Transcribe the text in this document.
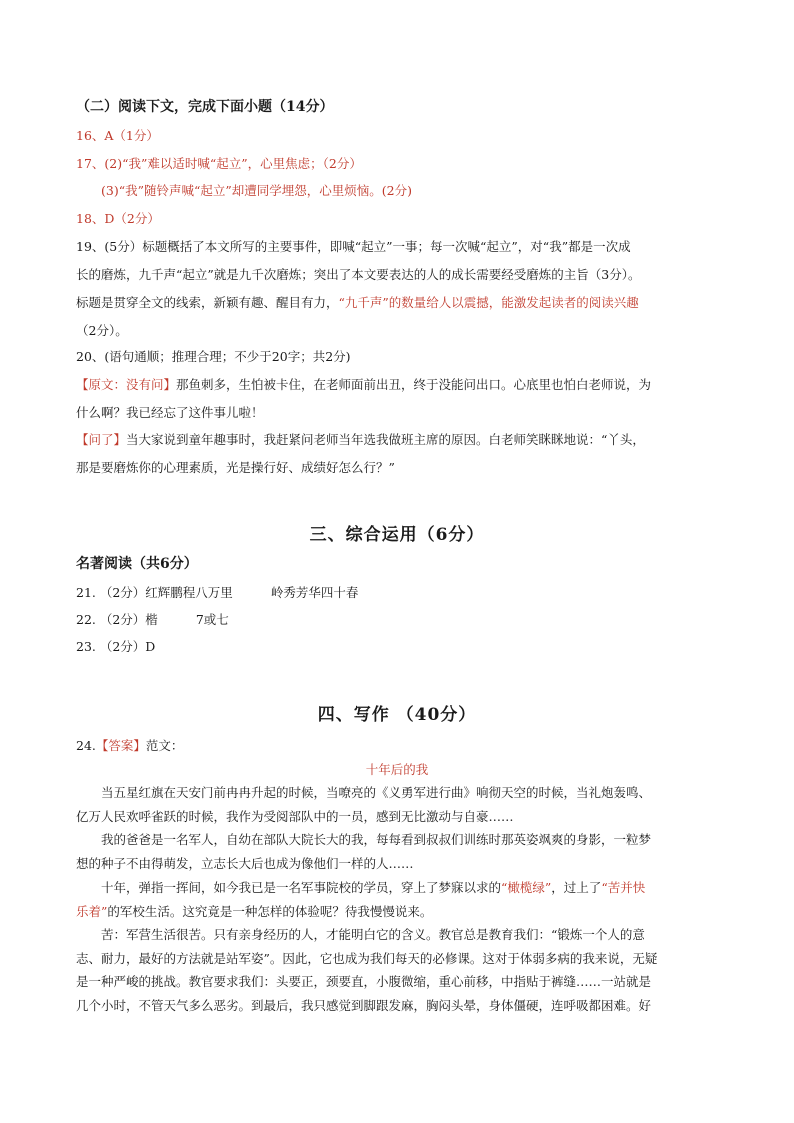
（二）阅读下文，完成下面小题（14分）
16、A（1分）
17、(2)“我”难以适时喊“起立”，心里焦虑；（2分）
(3)“我”随铃声喊“起立”却遭同学埋怨，心里烦恼。(2分)
18、D（2分）
19、(5分）标题概括了本文所写的主要事件，即喊“起立”一事；每一次喊“起立”，对“我”都是一次成
长的磨炼，九千声“起立”就是九千次磨炼；突出了本文要表达的人的成长需要经受磨炼的主旨（3分）。
标题是贯穿全文的线索，新颖有趣、醒目有力，“九千声”的数量给人以震撼，能激发起读者的阅读兴趣
（2分）。
20、(语句通顺；推理合理；不少于20字；共2分)
【原文：没有问】那鱼刺多，生怕被卡住，在老师面前出丑，终于没能问出口。心底里也怕白老师说，为
什么啊？我已经忘了这件事儿啦！
【问了】当大家说到童年趣事时，我赶紧问老师当年选我做班主席的原因。白老师笑眯眯地说：“丫头，
那是要磨炼你的心理素质，光是操行好、成绩好怎么行？”
三、综合运用（6分）
名著阅读（共6分）
21. （2分）红辉鹏程八万里	岭秀芳华四十春
22. （2分）楷	7或七
23. （2分）D
四、写作 （40分）
24.【答案】范文：
十年后的我
当五星红旗在天安门前冉冉升起的时候，当嘹亮的《义勇军进行曲》响彻天空的时候，当礼炮轰鸣、
亿万人民欢呼雀跃的时候，我作为受阅部队中的一员，感到无比激动与自豪……
我的爸爸是一名军人，自幼在部队大院长大的我，每每看到叔叔们训练时那英姿飒爽的身影，一粒梦
想的种子不由得萌发，立志长大后也成为像他们一样的人……
十年，弹指一挥间，如今我已是一名军事院校的学员，穿上了梦寐以求的“橄榄绿”，过上了“苦并快
乐着”的军校生活。这究竟是一种怎样的体验呢？待我慢慢说来。
苦：军营生活很苦。只有亲身经历的人，才能明白它的含义。教官总是教育我们：“锻炼一个人的意
志、耐力，最好的方法就是站军姿”。因此，它也成为我们每天的必修课。这对于体弱多病的我来说，无疑
是一种严峻的挑战。教官要求我们：头要正，颈要直，小腹微缩，重心前移，中指贴于裤缝……一站就是
几个小时，不管天气多么恶劣。到最后，我只感觉到脚跟发麻，胸闷头晕，身体僵硬，连呼吸都困难。好
